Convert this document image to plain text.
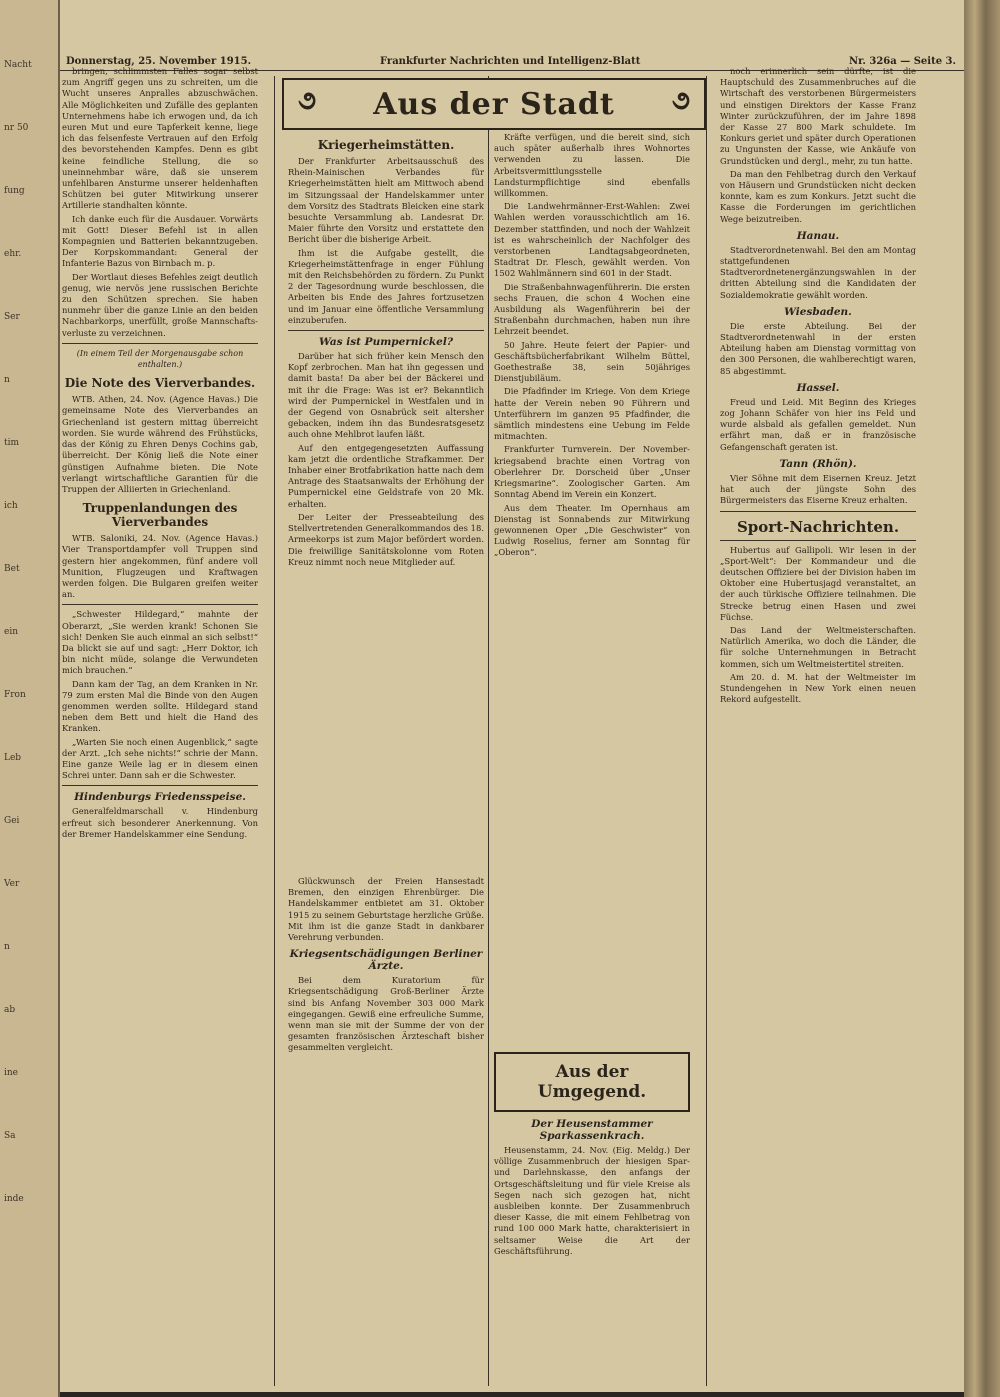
Nacht
nr 50
fung
ehr.
Ser
n
tim
ich
Bet
ein
Fron
Leb
Gei
Ver
n
ab
ine
Sa
inde
Donnerstag, 25. November 1915.	Frankfurter Nachrichten und Intelligenz-Blatt	Nr. 326a — Seite 3.
૭ Aus der Stadt ૭

bringen, schlimmsten Falles sogar selbst zum Angriff gegen uns zu schreiten, um die Wucht unseres Anpralles abzuschwächen. Alle Möglichkeiten und Zufälle des geplanten Unternehmens habe ich erwogen und, da ich euren Mut und eure Tapferkeit kenne, liege ich das felsenfeste Vertrauen auf den Erfolg des bevorstehenden Kampfes. Denn es gibt keine feindliche Stellung, die so uneinnehmbar wäre, daß sie unserem unfehlbaren Ansturme unserer heldenhaften Schützen bei guter Mitwirkung unserer Artillerie standhalten könnte.

Ich danke euch für die Ausdauer. Vorwärts mit Gott! Dieser Befehl ist in allen Kompagnien und Batterien bekanntzugeben. Der Korpskommandant: General der Infanterie Bazus von Birnbach m. p.

Der Wortlaut dieses Befehles zeigt deutlich genug, wie nervös jene russischen Berichte zu den Schützen sprechen. Sie haben nunmehr über die ganze Linie an den beiden Nachbarkorps, unerfüllt, große Mannschaftsverluste zu verzeichnen.

(In einem Teil der Morgenausgabe schon enthalten.)
Die Note des Vierverbandes.

WTB. Athen, 24. Nov. (Agence Havas.) Die gemeinsame Note des Vierverbandes an Griechenland ist gestern mittag überreicht worden. Sie wurde während des Frühstücks, das der König zu Ehren Denys Cochins gab, überreicht. Der König ließ die Note einer günstigen Aufnahme bieten. Die Note verlangt wirtschaftliche Garantien für die Truppen der Alliierten in Griechenland.

Truppenlandungen des Vierverbandes

WTB. Saloniki, 24. Nov. (Agence Havas.) Vier Transportdampfer voll Truppen sind gestern hier angekommen, fünf andere voll Munition, Flugzeugen und Kraftwagen werden folgen. Die Bulgaren greifen weiter an.

„Schwester Hildegard,“ mahnte der Oberarzt, „Sie werden krank! Schonen Sie sich! Denken Sie auch einmal an sich selbst!“ Da blickt sie auf und sagt: „Herr Doktor, ich bin nicht müde, solange die Verwundeten mich brauchen.“

Dann kam der Tag, an dem Kranken in Nr. 79 zum ersten Mal die Binde von den Augen genommen werden sollte. Hildegard stand neben dem Bett und hielt die Hand des Kranken.

„Warten Sie noch einen Augenblick,“ sagte der Arzt. „Ich sehe nichts!“ schrie der Mann. Eine ganze Weile lag er in diesem einen Schrei unter. Dann sah er die Schwester.

Hindenburgs Friedensspeise.

Generalfeldmarschall v. Hindenburg erfreut sich besonderer Anerkennung. Von der Bremer Handelskammer eine Sendung.

Kriegerheimstätten.

Der Frankfurter Arbeitsausschuß des Rhein-Mainischen Verbandes für Kriegerheimstätten hielt am Mittwoch abend im Sitzungssaal der Handelskammer unter dem Vorsitz des Stadtrats Bleicken eine stark besuchte Versammlung ab. Landesrat Dr. Maier führte den Vorsitz und erstattete den Bericht über die bisherige Arbeit.

Ihm ist die Aufgabe gestellt, die Kriegerheimstättenfrage in enger Fühlung mit den Reichsbehörden zu fördern. Zu Punkt 2 der Tagesordnung wurde beschlossen, die Arbeiten bis Ende des Jahres fortzusetzen und im Januar eine öffentliche Versammlung einzuberufen.

Was ist Pumpernickel?

Darüber hat sich früher kein Mensch den Kopf zerbrochen. Man hat ihn gegessen und damit basta! Da aber bei der Bäckerei und mit ihr die Frage: Was ist er? Bekanntlich wird der Pumpernickel in Westfalen und in der Gegend von Osnabrück seit altersher gebacken, indem ihn das Bundesratsgesetz auch ohne Mehlbrot laufen läßt.

Auf den entgegengesetzten Auffassung kam jetzt die ordentliche Strafkammer. Der Inhaber einer Brotfabrikation hatte nach dem Antrage des Staatsanwalts der Erhöhung der Pumpernickel eine Geldstrafe von 20 Mk. erhalten.

Der Leiter der Presseabteilung des Stellvertretenden Generalkommandos des 18. Armeekorps ist zum Major befördert worden. Die freiwillige Sanitätskolonne vom Roten Kreuz nimmt noch neue Mitglieder auf.

Glückwunsch der Freien Hansestadt Bremen, den einzigen Ehrenbürger. Die Handelskammer entbietet am 31. Oktober 1915 zu seinem Geburtstage herzliche Grüße. Mit ihm ist die ganze Stadt in dankbarer Verehrung verbunden.

Kriegsentschädigungen Berliner Ärzte.

Bei dem Kuratorium für Kriegsentschädigung Groß-Berliner Ärzte sind bis Anfang November 303 000 Mark eingegangen. Gewiß eine erfreuliche Summe, wenn man sie mit der Summe der von der gesamten französischen Ärzteschaft bisher gesammelten vergleicht.

Kräfte verfügen, und die bereit sind, sich auch später außerhalb ihres Wohnortes verwenden zu lassen. Die Arbeitsvermittlungsstelle Landsturmpflichtige sind ebenfalls willkommen.

Die Landwehrmänner-Erst-Wahlen: Zwei Wahlen werden vorausschichtlich am 16. Dezember stattfinden, und noch der Wahlzeit ist es wahrscheinlich der Nachfolger des verstorbenen Landtagsabgeordneten, Stadtrat Dr. Flesch, gewählt werden. Von 1502 Wahlmännern sind 601 in der Stadt.

Die Straßenbahnwagenführerin. Die ersten sechs Frauen, die schon 4 Wochen eine Ausbildung als Wagenführerin bei der Straßenbahn durchmachen, haben nun ihre Lehrzeit beendet.

50 Jahre. Heute feiert der Papier- und Geschäftsbücherfabrikant Wilhelm Büttel, Goethestraße 38, sein 50jähriges Dienstjubiläum.

Die Pfadfinder im Kriege. Von dem Kriege hatte der Verein neben 90 Führern und Unterführern im ganzen 95 Pfadfinder, die sämtlich mindestens eine Uebung im Felde mitmachten.

Frankfurter Turnverein. Der Novemberkriegsabend brachte einen Vortrag von Oberlehrer Dr. Dorscheid über „Unser Kriegsmarine“. Zoologischer Garten. Am Sonntag Abend im Verein ein Konzert.

Aus dem Theater. Im Opernhaus am Dienstag ist Sonnabends zur Mitwirkung gewonnenen Oper „Die Geschwister“ von Ludwig Roselius, ferner am Sonntag für „Oberon“.

Aus der Umgegend.
Der Heusenstammer Sparkassenkrach.

Heusenstamm, 24. Nov. (Eig. Meldg.) Der völlige Zusammenbruch der hiesigen Spar- und Darlehnskasse, den anfangs der Ortsgeschäftsleitung und für viele Kreise als Segen nach sich gezogen hat, nicht ausbleiben konnte. Der Zusammenbruch dieser Kasse, die mit einem Fehlbetrag von rund 100 000 Mark hatte, charakterisiert in seltsamer Weise die Art der Geschäftsführung.

noch erinnerlich sein dürfte, ist die Hauptschuld des Zusammenbruches auf die Wirtschaft des verstorbenen Bürgermeisters und einstigen Direktors der Kasse Franz Winter zurückzuführen, der im Jahre 1898 der Kasse 27 800 Mark schuldete. Im Konkurs geriet und später durch Operationen zu Ungunsten der Kasse, wie Ankäufe von Grundstücken und dergl., mehr, zu tun hatte.

Da man den Fehlbetrag durch den Verkauf von Häusern und Grundstücken nicht decken konnte, kam es zum Konkurs. Jetzt sucht die Kasse die Forderungen im gerichtlichen Wege beizutreiben.

Hanau.

Stadtverordnetenwahl. Bei den am Montag stattgefundenen Stadtverordnetenergänzungswahlen in der dritten Abteilung sind die Kandidaten der Sozialdemokratie gewählt worden.

Wiesbaden.

Die erste Abteilung. Bei der Stadtverordnetenwahl in der ersten Abteilung haben am Dienstag vormittag von den 300 Personen, die wahlberechtigt waren, 85 abgestimmt.

Hassel.

Freud und Leid. Mit Beginn des Krieges zog Johann Schäfer von hier ins Feld und wurde alsbald als gefallen gemeldet. Nun erfährt man, daß er in französische Gefangenschaft geraten ist.

Tann (Rhön).

Vier Söhne mit dem Eisernen Kreuz. Jetzt hat auch der jüngste Sohn des Bürgermeisters das Eiserne Kreuz erhalten.

Sport-Nachrichten.

Hubertus auf Gallipoli. Wir lesen in der „Sport-Welt“: Der Kommandeur und die deutschen Offiziere bei der Division haben im Oktober eine Hubertusjagd veranstaltet, an der auch türkische Offiziere teilnahmen. Die Strecke betrug einen Hasen und zwei Füchse.

Das Land der Weltmeisterschaften. Natürlich Amerika, wo doch die Länder, die für solche Unternehmungen in Betracht kommen, sich um Weltmeistertitel streiten.

Am 20. d. M. hat der Weltmeister im Stundengehen in New York einen neuen Rekord aufgestellt.
